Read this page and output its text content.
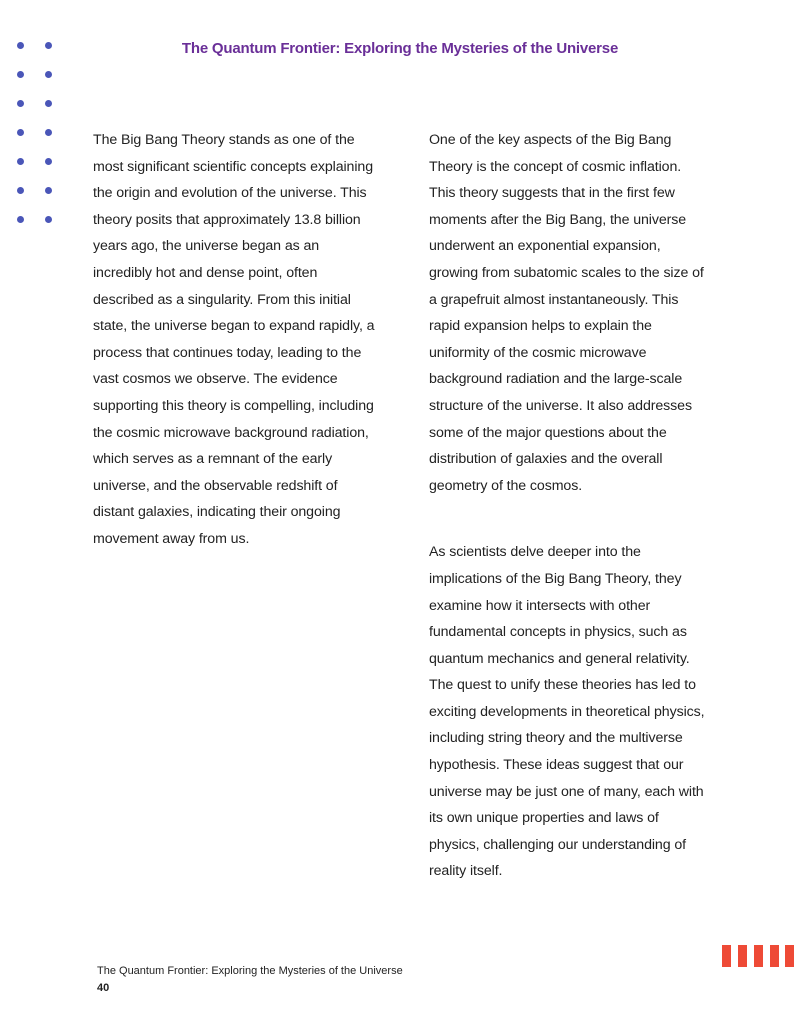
The Quantum Frontier: Exploring the Mysteries of the Universe

The Big Bang Theory stands as one of the most significant scientific concepts explaining the origin and evolution of the universe. This theory posits that approximately 13.8 billion years ago, the universe began as an incredibly hot and dense point, often described as a singularity. From this initial state, the universe began to expand rapidly, a process that continues today, leading to the vast cosmos we observe. The evidence supporting this theory is compelling, including the cosmic microwave background radiation, which serves as a remnant of the early universe, and the observable redshift of distant galaxies, indicating their ongoing movement away from us.

One of the key aspects of the Big Bang Theory is the concept of cosmic inflation. This theory suggests that in the first few moments after the Big Bang, the universe underwent an exponential expansion, growing from subatomic scales to the size of a grapefruit almost instantaneously. This rapid expansion helps to explain the uniformity of the cosmic microwave background radiation and the large-scale structure of the universe. It also addresses some of the major questions about the distribution of galaxies and the overall geometry of the cosmos.

As scientists delve deeper into the implications of the Big Bang Theory, they examine how it intersects with other fundamental concepts in physics, such as quantum mechanics and general relativity. The quest to unify these theories has led to exciting developments in theoretical physics, including string theory and the multiverse hypothesis. These ideas suggest that our universe may be just one of many, each with its own unique properties and laws of physics, challenging our understanding of reality itself.

The Quantum Frontier: Exploring the Mysteries of the Universe
40
